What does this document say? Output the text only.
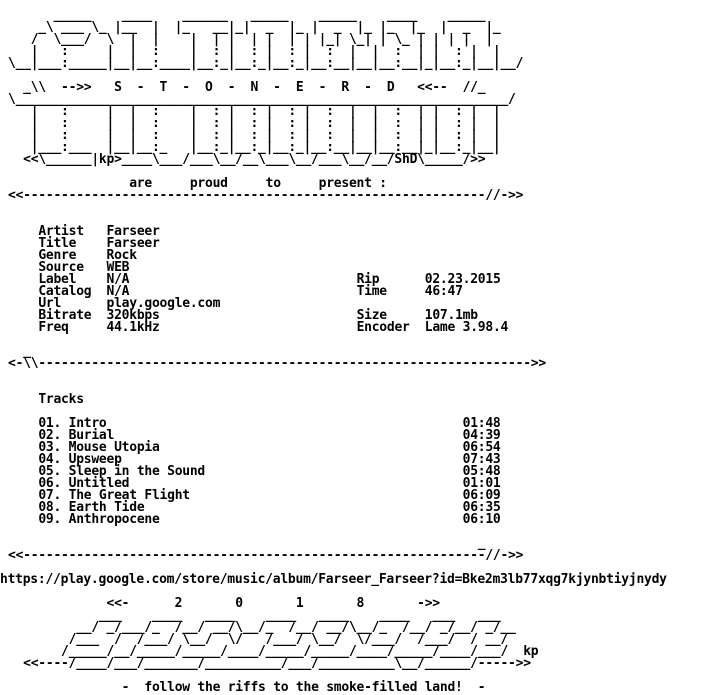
_____    ____    ______   _____    _____    ____    _____
_\ ___ \_ |__  |  |_   __|_|  _  |_ |  _  |_ |_  |_  |  _  |_
/  \___/  \  |  |    |  | |  | |  | | |_| \_| | \_ | | | |  |
|   :     |  |  :    |  : |  : |  : |  :  |  |  :  | |  : |  |
\__|___:_____|__|__:____|__:_|__:_|__:_|__:__|__|__:__|_|__:_|__|__/

_\\  -->>   S  -  T  -  O  -  N  -  E  -  R  -  D   <<--  //_
\_________________________________________________________________/
|   :     |  |  :    |  : |  : |  : |  :  |  |  :  | |  : |  |
|   :     |  |  :    |  : |  : |  : |  :  |  |  :  | |  : |  |
|   :     |  |  :    |  : |  : |  : |  :  |  |  :  | |  : |  |
|___:___  |__|__:_   |__:_|__:_|__:_|__:__|__|__:__|_|__:_|__|
<<\______|kp>____\___/___\__/__\___\__/___\__/__/ShD\_____/>>

are     proud     to     present :
<<-------------------------------------------------------------//->>

Artist Farseer
Title Farseer
Genre Rock
Source WEB
Label N/A	Rip	02.23.2015
Catalog N/A	Time	46:47
Url	play.google.com
Bitrate 320kbps	Size	107.1mb
Freq	44.1kHz	Encoder Lame 3.98.4

_
<-\\----------------------------------------------------------------->>

Tracks

01. Intro	01:48
02. Burial	04:39
03. Mouse Utopia	06:54
04. Upsweep	07:43
05. Sleep in the Sound	05:48
06. Untitled	01:01
07. The Great Flight	06:09
08. Earth Tide	06:35
09. Anthropocene	06:10

_
<<-------------------------------------------------------------//->>

https://play.google.com/store/music/album/Farseer_Farseer?id=Bke2m3lb77xqg7kjynbtiyjnydy

<<-      2       0       1       8       ->>
___    ____   ____    ____   ____    ____   ___   ___
__/ _/___/_  /__/ __/\__/_  /__/ __/\__/_  /__/ _/__/ _/__
/___  /  /___/ \__/  \/   /___/ \__/  \/___/  /___/  / __/
/_____/__/_____/_____/____/_____/_____/____/_____/____/___/  kp
<<----/____/___/_______/__________/___/__________\__/______/----->>

-  follow the riffs to the smoke-filled land!  -
